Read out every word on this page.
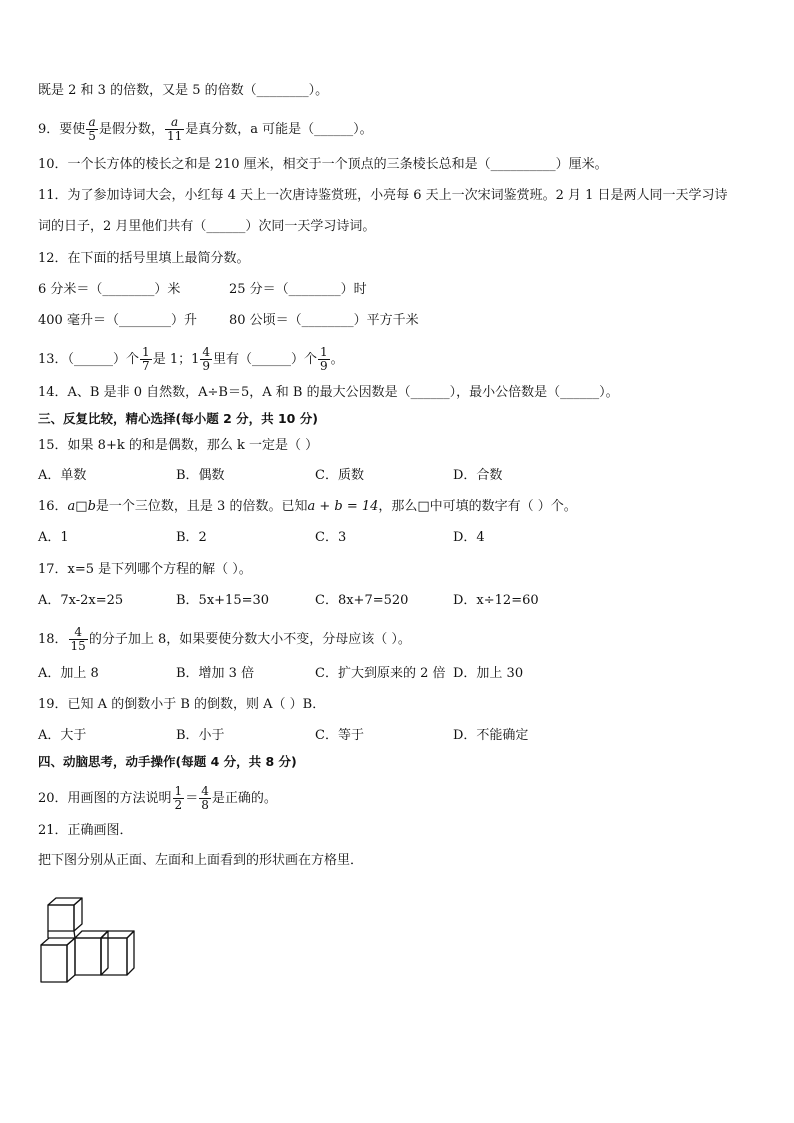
既是 2 和 3 的倍数，又是 5 的倍数（________）。
9．要使 $\frac{a}{5}$ 是假分数， $\frac{a}{11}$ 是真分数，a 可能是（______）。
10．一个长方体的棱长之和是 210 厘米，相交于一个顶点的三条棱长总和是（__________）厘米。
11．为了参加诗词大会，小红每 4 天上一次唐诗鉴赏班，小亮每 6 天上一次宋词鉴赏班。2 月 1 日是两人同一天学习诗
词的日子，2 月里他们共有（______）次同一天学习诗词。
12．在下面的括号里填上最简分数。
6 分米＝（________）米	25 分＝（________）时
400 毫升＝（________）升 80 公顷＝（________）平方千米
13．（______）个 $\frac{1}{7}$ 是 1；$1 \frac{4}{9}$ 里有（______）个 $\frac{1}{9}$ 。
14．A、B 是非 0 自然数，A÷B＝5，A 和 B 的最大公因数是（______），最小公倍数是（______）。
三、反复比较，精心选择(每小题 2 分，共 10 分)
15．如果 8+k 的和是偶数，那么 k 一定是（ ）
A．单数	B．偶数	C．质数	D．合数
16．a□b是一个三位数，且是 3 的倍数。已知a + b = 14，那么□中可填的数字有（ ）个。
A．1	B．2	C．3	D．4
17．x=5 是下列哪个方程的解（ ）。
A．7x-2x=25	B．5x+15=30	C．8x+7=520	D．x÷12=60
18． $\frac{4}{15}$ 的分子加上 8，如果要使分数大小不变，分母应该（ ）。
A．加上 8	B．增加 3 倍	C．扩大到原来的 2 倍 D．加上 30
19．已知 A 的倒数小于 B 的倒数，则 A（ ）B．
A．大于	B．小于	C．等于	D．不能确定
四、动脑思考，动手操作(每题 4 分，共 8 分)
20．用画图的方法说明 $\frac{1}{2} = \frac{4}{8}$ 是正确的。
21．正确画图．
把下图分别从正面、左面和上面看到的形状画在方格里．
